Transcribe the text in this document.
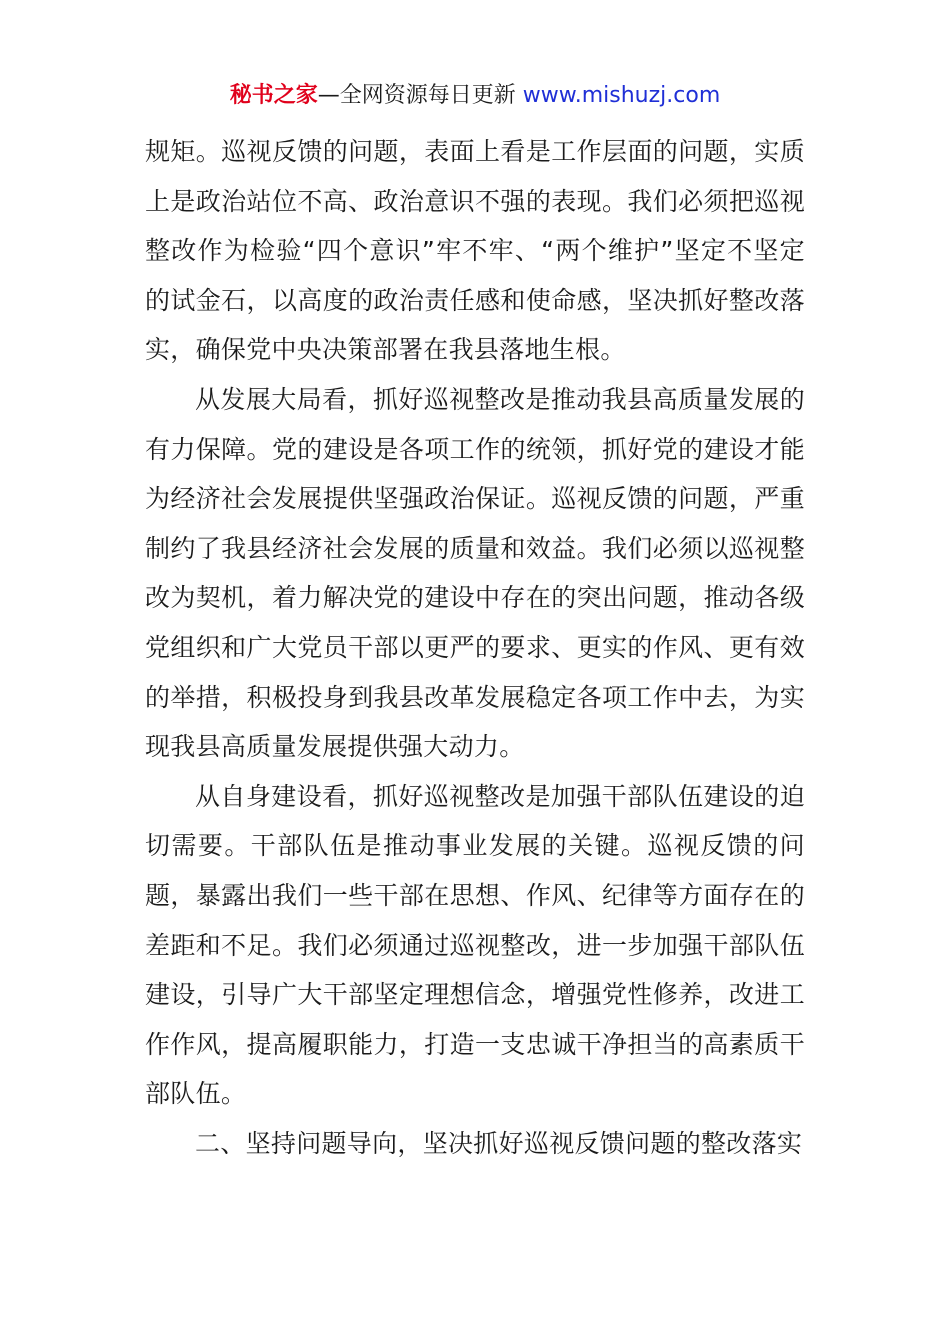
秘书之家—全网资源每日更新 www.mishuzj.com

规矩。巡视反馈的问题，表面上看是工作层面的问题，实质上是政治站位不高、政治意识不强的表现。我们必须把巡视整改作为检验“四个意识”牢不牢、“两个维护”坚定不坚定的试金石，以高度的政治责任感和使命感，坚决抓好整改落实，确保党中央决策部署在我县落地生根。

从发展大局看，抓好巡视整改是推动我县高质量发展的有力保障。党的建设是各项工作的统领，抓好党的建设才能为经济社会发展提供坚强政治保证。巡视反馈的问题，严重制约了我县经济社会发展的质量和效益。我们必须以巡视整改为契机，着力解决党的建设中存在的突出问题，推动各级党组织和广大党员干部以更严的要求、更实的作风、更有效的举措，积极投身到我县改革发展稳定各项工作中去，为实现我县高质量发展提供强大动力。

从自身建设看，抓好巡视整改是加强干部队伍建设的迫切需要。干部队伍是推动事业发展的关键。巡视反馈的问题，暴露出我们一些干部在思想、作风、纪律等方面存在的差距和不足。我们必须通过巡视整改，进一步加强干部队伍建设，引导广大干部坚定理想信念，增强党性修养，改进工作作风，提高履职能力，打造一支忠诚干净担当的高素质干部队伍。

二、坚持问题导向，坚决抓好巡视反馈问题的整改落实
